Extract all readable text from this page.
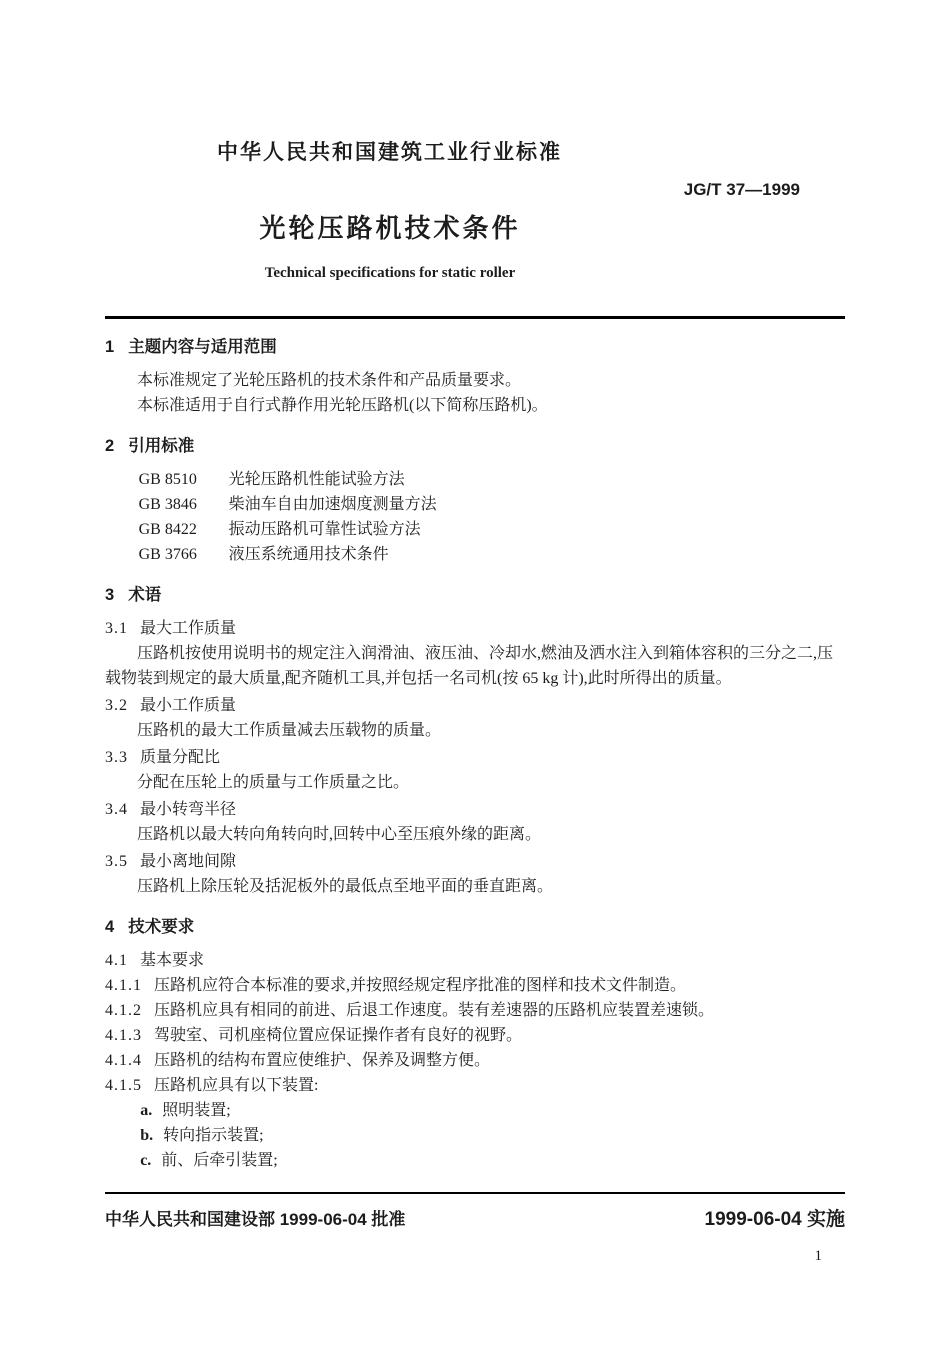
中华人民共和国建筑工业行业标准
JG/T 37—1999
光轮压路机技术条件
Technical specifications for static roller
1 主题内容与适用范围
本标准规定了光轮压路机的技术条件和产品质量要求。
本标准适用于自行式静作用光轮压路机(以下简称压路机)。
2 引用标准
GB 8510 光轮压路机性能试验方法
GB 3846 柴油车自由加速烟度测量方法
GB 8422 振动压路机可靠性试验方法
GB 3766 液压系统通用技术条件
3 术语
3.1 最大工作质量
压路机按使用说明书的规定注入润滑油、液压油、冷却水,燃油及洒水注入到箱体容积的三分之二,压载物装到规定的最大质量,配齐随机工具,并包括一名司机(按 65 kg 计),此时所得出的质量。
3.2 最小工作质量
压路机的最大工作质量减去压载物的质量。
3.3 质量分配比
分配在压轮上的质量与工作质量之比。
3.4 最小转弯半径
压路机以最大转向角转向时,回转中心至压痕外缘的距离。
3.5 最小离地间隙
压路机上除压轮及括泥板外的最低点至地平面的垂直距离。
4 技术要求
4.1 基本要求
4.1.1 压路机应符合本标准的要求,并按照经规定程序批准的图样和技术文件制造。
4.1.2 压路机应具有相同的前进、后退工作速度。装有差速器的压路机应装置差速锁。
4.1.3 驾驶室、司机座椅位置应保证操作者有良好的视野。
4.1.4 压路机的结构布置应使维护、保养及调整方便。
4.1.5 压路机应具有以下装置:
a. 照明装置;
b. 转向指示装置;
c. 前、后牵引装置;
中华人民共和国建设部 1999-06-04 批准	1999-06-04 实施
1
